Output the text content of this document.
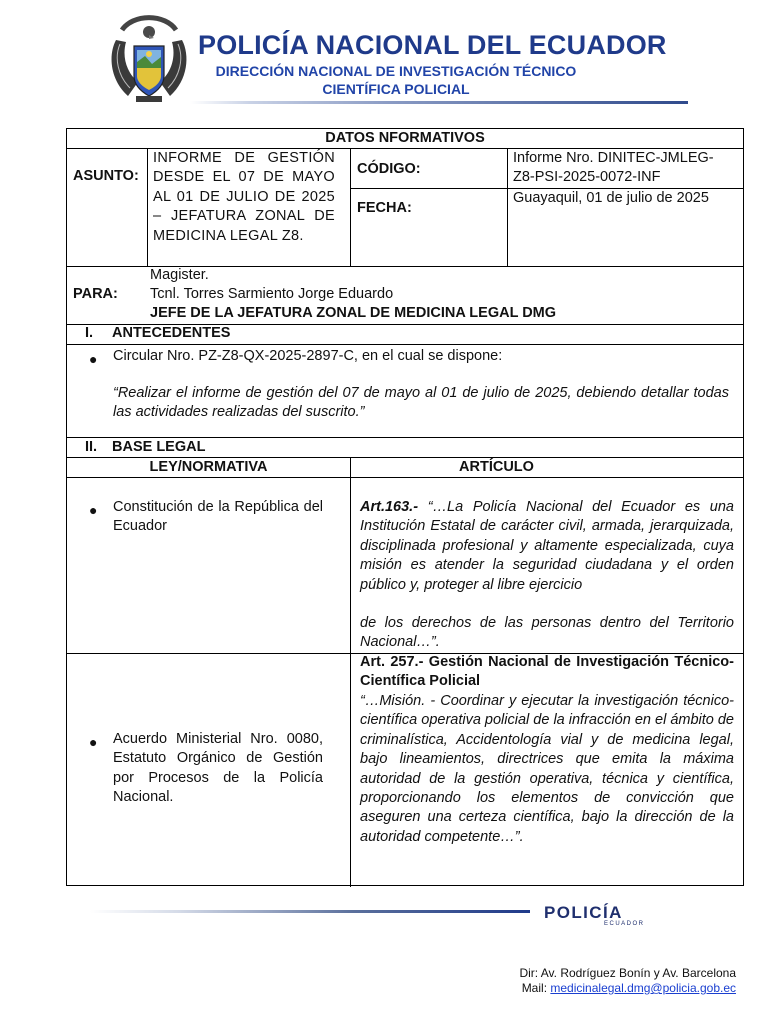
POLICÍA NACIONAL DEL ECUADOR
DIRECCIÓN NACIONAL DE INVESTIGACIÓN TÉCNICO CIENTÍFICA POLICIAL
DATOS NFORMATIVOS
ASUNTO:
INFORME DE GESTIÓN DESDE EL 07 DE MAYO AL 01 DE JULIO DE 2025 – JEFATURA ZONAL DE MEDICINA LEGAL Z8.
CÓDIGO:
Informe Nro. DINITEC-JMLEG-Z8-PSI-2025-0072-INF
FECHA:
Guayaquil, 01 de julio de 2025
PARA:
Magister.
Tcnl. Torres Sarmiento Jorge Eduardo
JEFE DE LA JEFATURA ZONAL DE MEDICINA LEGAL DMG
I. ANTECEDENTES
● Circular Nro. PZ-Z8-QX-2025-2897-C, en el cual se dispone:
“Realizar el informe de gestión del 07 de mayo al 01 de julio de 2025, debiendo detallar todas las actividades realizadas del suscrito.”
II. BASE LEGAL
LEY/NORMATIVA	ARTÍCULO
● Constitución de la República del Ecuador
Art.163.- “…La Policía Nacional del Ecuador es una Institución Estatal de carácter civil, armada, jerarquizada, disciplinada profesional y altamente especializada, cuya misión es atender la seguridad ciudadana y el orden público y, proteger al libre ejercicio
de los derechos de las personas dentro del Territorio Nacional…”.
● Acuerdo Ministerial Nro. 0080, Estatuto Orgánico de Gestión por Procesos de la Policía Nacional.
Art. 257.- Gestión Nacional de Investigación Técnico-Científica Policial
“…Misión. - Coordinar y ejecutar la investigación técnico-científica operativa policial de la infracción en el ámbito de criminalística, Accidentología vial y de medicina legal, bajo lineamientos, directrices que emita la máxima autoridad de la gestión operativa, técnica y científica, proporcionando los elementos de convicción que aseguren una certeza científica, bajo la dirección de la autoridad competente…”.
POLICÍA
ECUADOR
Dir: Av. Rodríguez Bonín y Av. Barcelona
Mail: medicinalegal.dmg@policia.gob.ec
